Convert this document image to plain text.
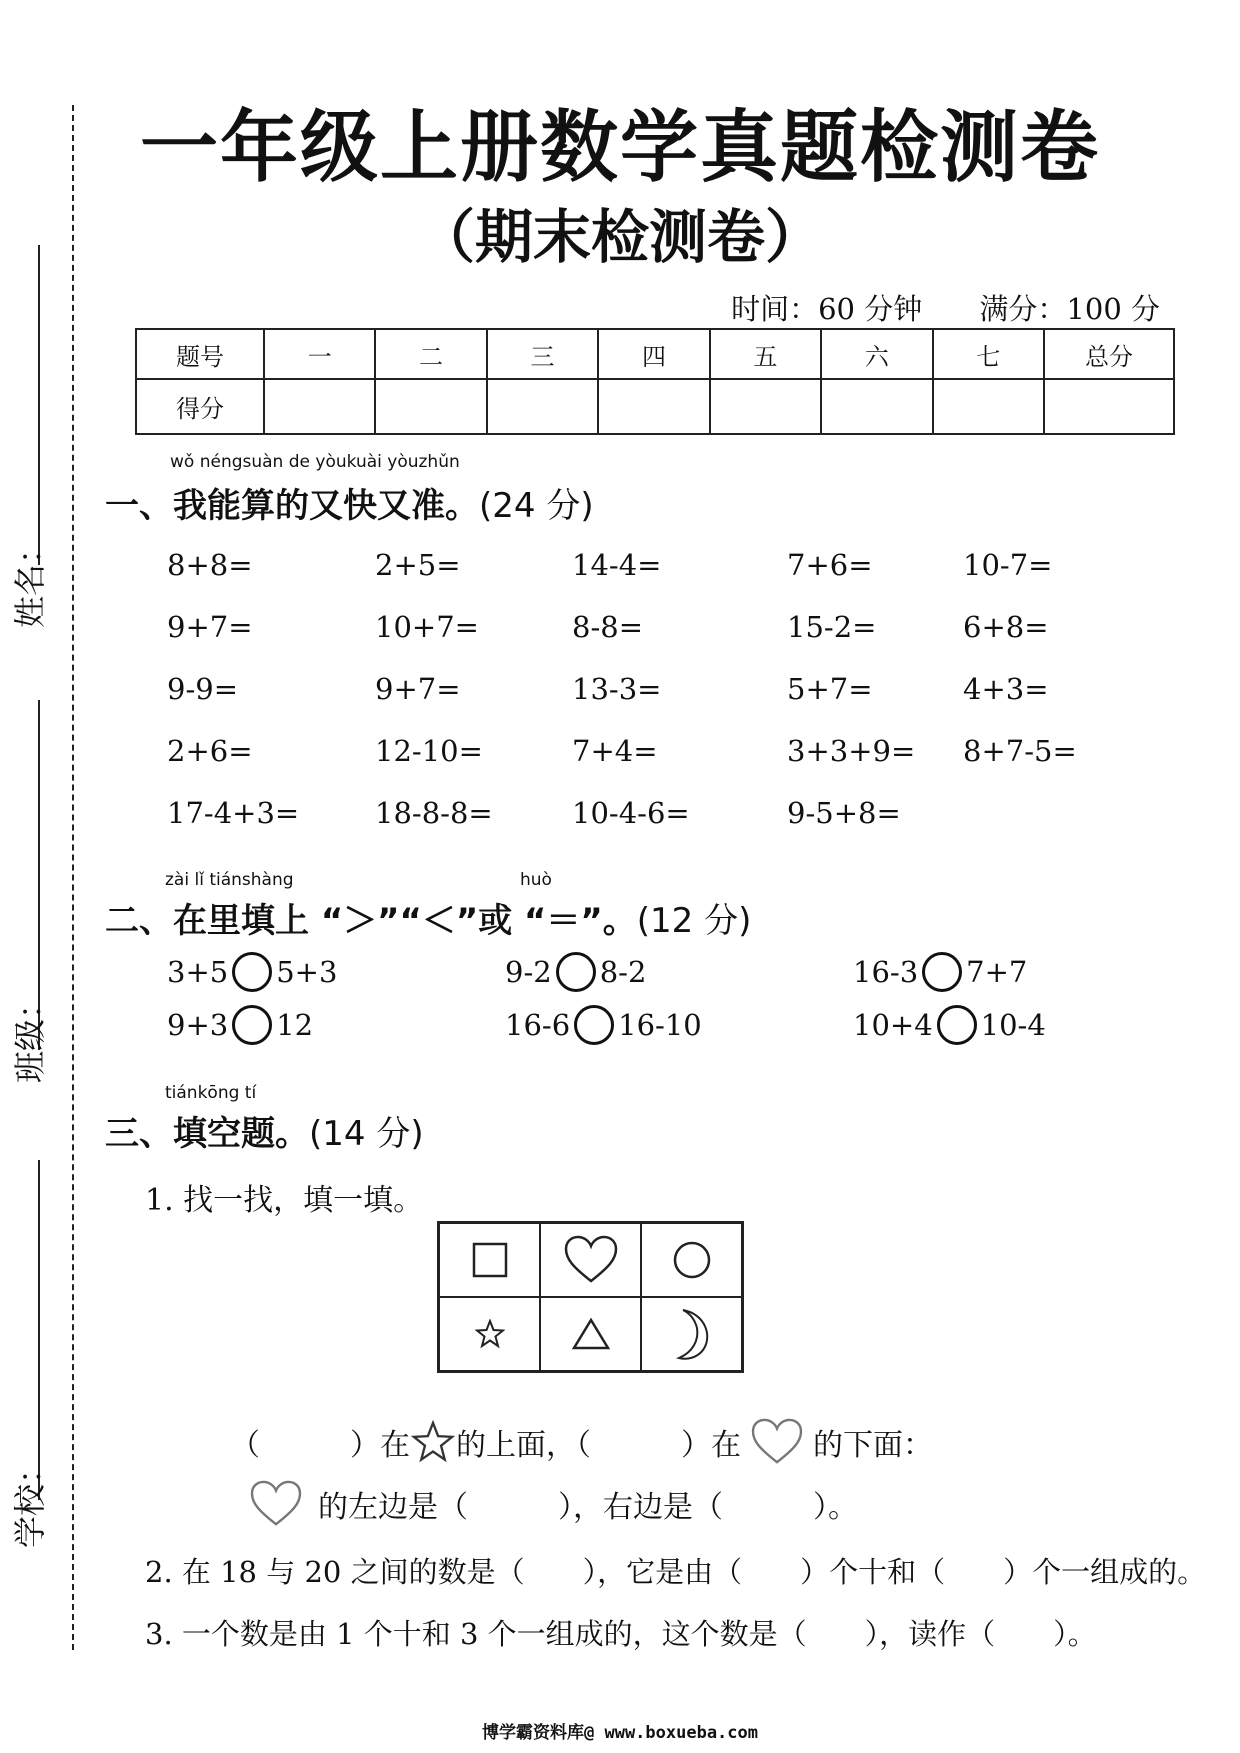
姓名：
班级：
学校：
一年级上册数学真题检测卷
（期末检测卷）
时间：60 分钟 满分：100 分
题号	一	二	三	四	五	六	七	总分
得分								
wǒ néngsuàn de yòukuài yòuzhǔn
一、我能算的又快又准。(24 分)
8+8=	2+5=	14-4=	7+6=	10-7=
9+7=	10+7=	8-8=	15-2=	6+8=
9-9=	9+7=	13-3=	5+7=	4+3=
2+6=	12-10=	7+4=	3+3+9= 8+7-5=
17-4+3=	18-8-8=	10-4-6=	9-5+8=
zài lǐ tiánshàng	huò
二、在里填上 “＞”“＜”或 “＝”。(12 分)
3+5 5+3	9-2 8-2	16-3 7+7
9+3 12	16-6 16-10	10+4 10-4
tiánkōng tí
三、填空题。(14 分)
1. 找一找，填一填。
（　　　）在 的上面，（　　　）在 的下面：
的左边是（　　　），右边是（　　　）。
2. 在 18 与 20 之间的数是（　　），它是由（　　）个十和（　　）个一组成的。
3. 一个数是由 1 个十和 3 个一组成的，这个数是（　　），读作（　　）。
博学霸资料库@ www.boxueba.com
